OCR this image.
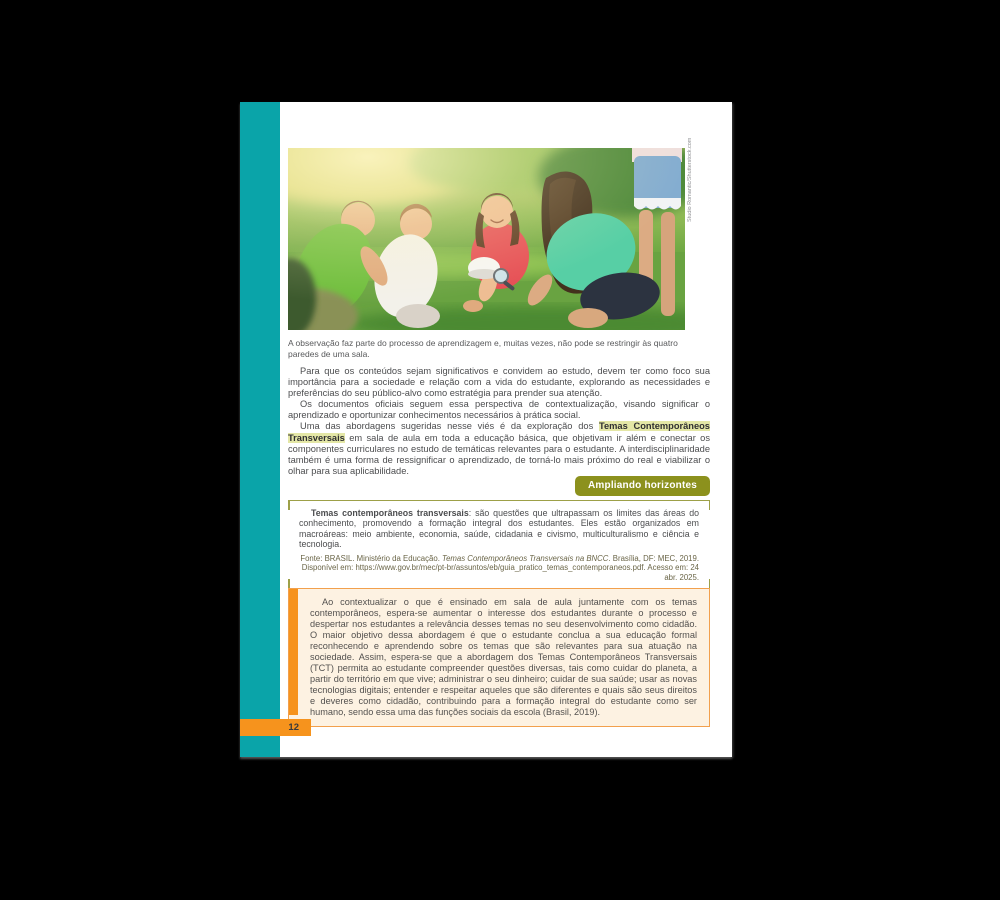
Studio Romantic/Shutterstock.com
A observação faz parte do processo de aprendizagem e, muitas vezes, não pode se restringir às quatro paredes de uma sala.

Para que os conteúdos sejam significativos e convidem ao estudo, devem ter como foco sua importância para a sociedade e relação com a vida do estudante, explorando as necessidades e preferências do seu público-alvo como estratégia para prender sua atenção.

Os documentos oficiais seguem essa perspectiva de contextualização, visando significar o aprendizado e oportunizar conhecimentos necessários à prática social.

Uma das abordagens sugeridas nesse viés é da exploração dos Temas Contemporâneos Transversais em sala de aula em toda a educação básica, que objetivam ir além e conectar os componentes curriculares no estudo de temáticas relevantes para o estudante. A interdisciplinaridade também é uma forma de ressignificar o aprendizado, de torná-lo mais próximo do real e viabilizar o olhar para sua aplicabilidade.

Ampliando horizontes

Temas contemporâneos transversais: são questões que ultrapassam os limites das áreas do conhecimento, promovendo a formação integral dos estudantes. Eles estão organizados em macroáreas: meio ambiente, economia, saúde, cidadania e civismo, multiculturalismo e ciência e tecnologia.

Fonte: BRASIL. Ministério da Educação. Temas Contemporâneos Transversais na BNCC. Brasília, DF: MEC, 2019. Disponível em: https://www.gov.br/mec/pt-br/assuntos/eb/guia_pratico_temas_contemporaneos.pdf. Acesso em: 24 abr. 2025.

Ao contextualizar o que é ensinado em sala de aula juntamente com os temas contemporâneos, espera-se aumentar o interesse dos estudantes durante o processo e despertar nos estudantes a relevância desses temas no seu desenvolvimento como cidadão. O maior objetivo dessa abordagem é que o estudante conclua a sua educação formal reconhecendo e aprendendo sobre os temas que são relevantes para sua atuação na sociedade. Assim, espera-se que a abordagem dos Temas Contemporâneos Transversais (TCT) permita ao estudante compreender questões diversas, tais como cuidar do planeta, a partir do território em que vive; administrar o seu dinheiro; cuidar de sua saúde; usar as novas tecnologias digitais; entender e respeitar aqueles que são diferentes e quais são seus direitos e deveres como cidadão, contribuindo para a formação integral do estudante como ser humano, sendo essa uma das funções sociais da escola (Brasil, 2019).

12
